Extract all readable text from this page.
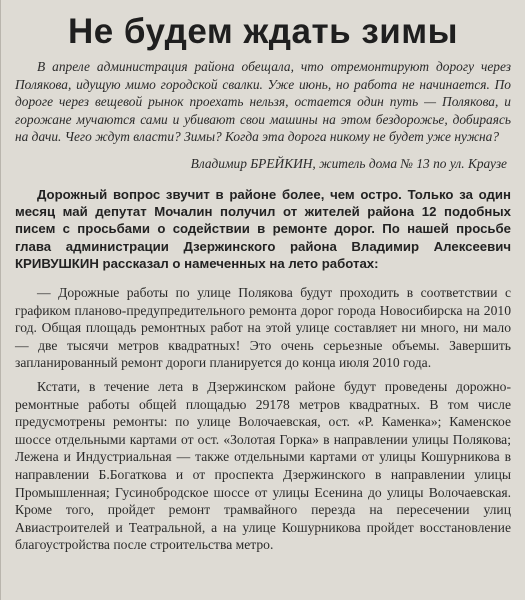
Не будем ждать зимы

В апреле администрация района обещала, что отремонтируют дорогу через Полякова, идущую мимо городской свалки. Уже июнь, но работа не начинается. По дороге через вещевой рынок проехать нельзя, остается один путь — Полякова, и горожане мучаются сами и убивают свои машины на этом бездорожье, добираясь на дачи. Чего ждут власти? Зимы? Когда эта дорога никому не будет уже нужна?

Владимир БРЕЙКИН, житель дома № 13 по ул. Краузе

Дорожный вопрос звучит в районе более, чем остро. Только за один месяц май депутат Мочалин получил от жителей района 12 подобных писем с просьбами о содействии в ремонте дорог. По нашей просьбе глава администрации Дзержинского района Владимир Алексеевич КРИВУШКИН рассказал о намеченных на лето работах:

— Дорожные работы по улице Полякова будут проходить в соответствии с графиком планово-предупредительного ремонта дорог города Новосибирска на 2010 год. Общая площадь ремонтных работ на этой улице составляет ни много, ни мало — две тысячи метров квадратных! Это очень серьезные объемы. Завершить запланированный ремонт дороги планируется до конца июля 2010 года.

Кстати, в течение лета в Дзержинском районе будут проведены дорожно-ремонтные работы общей площадью 29178 метров квадратных. В том числе предусмотрены ремонты: по улице Волочаевская, ост. «Р. Каменка»; Каменское шоссе отдельными картами от ост. «Золотая Горка» в направлении улицы Полякова; Лежена и Индустриальная — также отдельными картами от улицы Кошурникова в направлении Б.Богаткова и от проспекта Дзержинского в направлении улицы Промышленная; Гусинобродское шоссе от улицы Есенина до улицы Волочаевская. Кроме того, пройдет ремонт трамвайного перезда на пересечении улиц Авиастроителей и Театральной, а на улице Кошурникова пройдет восстановление благоустройства после строительства метро.
